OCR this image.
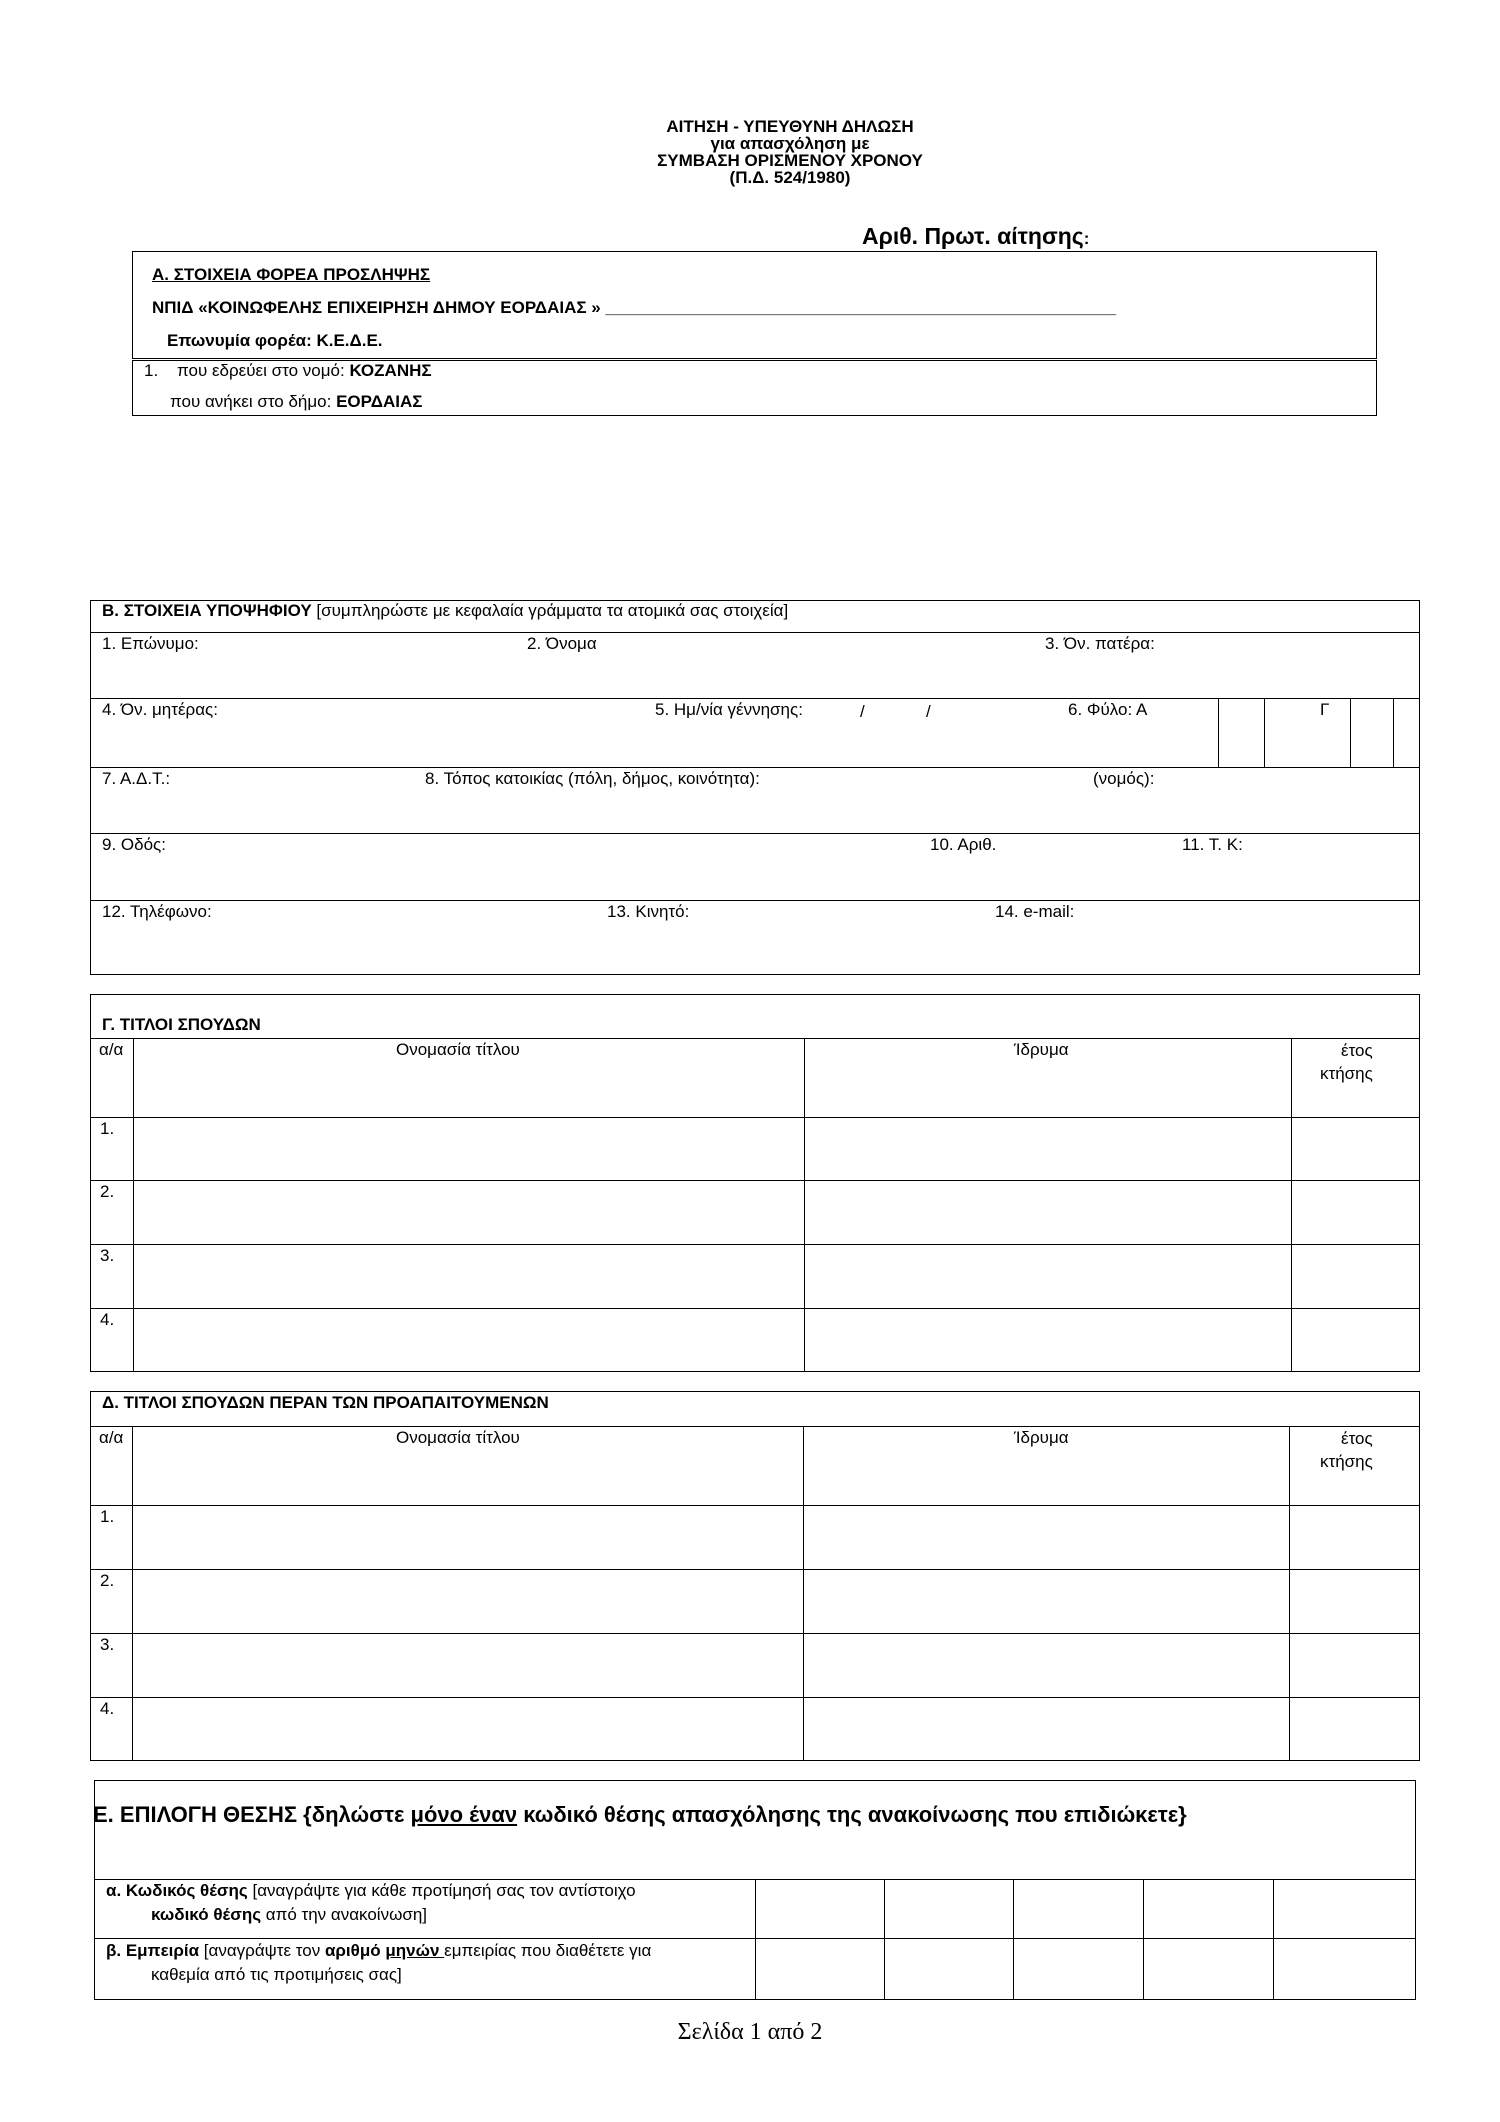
ΑΙΤΗΣΗ - ΥΠΕΥΘΥΝΗ ΔΗΛΩΣΗ
για απασχόληση με
ΣΥΜΒΑΣΗ ΟΡΙΣΜΕΝΟΥ ΧΡΟΝΟΥ
(Π.Δ. 524/1980)
Αριθ. Πρωτ. αίτησης:
Α. ΣΤΟΙΧΕΙΑ ΦΟΡΕΑ ΠΡΟΣΛΗΨΗΣ
ΝΠΙΔ «ΚΟΙΝΩΦΕΛΗΣ ΕΠΙΧΕΙΡΗΣΗ ΔΗΜΟΥ ΕΟΡΔΑΙΑΣ » ______________________________________________________
Επωνυμία φορέα: Κ.Ε.Δ.Ε.
1. που εδρεύει στο νομό: ΚΟΖΑΝΗΣ
που ανήκει στο δήμο: ΕΟΡΔΑΙΑΣ
Β. ΣΤΟΙΧΕΙΑ ΥΠΟΨΗΦΙΟΥ [συμπληρώστε με κεφαλαία γράμματα τα ατομικά σας στοιχεία]
1. Επώνυμο:	2. Όνομα	3. Όν. πατέρα:
4. Όν. μητέρας:	5. Ημ/νία γέννησης:	/	/	6. Φύλο: Α	Γ
7. Α.Δ.Τ.:	8. Τόπος κατοικίας (πόλη, δήμος, κοινότητα):	(νομός):
9. Οδός:	10. Αριθ.	11. Τ. Κ:
12. Τηλέφωνο:	13. Κινητό:	14. e-mail:
Γ. ΤΙΤΛΟΙ ΣΠΟΥΔΩΝ
α/α	Ονομασία τίτλου	Ίδρυμα	έτος
κτήσης
1.
2.
3.
4.
Δ. ΤΙΤΛΟΙ ΣΠΟΥΔΩΝ ΠΕΡΑΝ ΤΩΝ ΠΡΟΑΠΑΙΤΟΥΜΕΝΩΝ
α/α	Ονομασία τίτλου	Ίδρυμα	έτος
κτήσης
1.
2.
3.
4.
Ε. ΕΠΙΛΟΓΗ ΘΕΣΗΣ {δηλώστε μόνο έναν κωδικό θέσης απασχόλησης της ανακοίνωσης που επιδιώκετε}
α. Κωδικός θέσης [αναγράψτε για κάθε προτίμησή σας τον αντίστοιχο
κωδικό θέσης από την ανακοίνωση]
β. Εμπειρία [αναγράψτε τον αριθμό μηνών εμπειρίας που διαθέτετε για
καθεμία από τις προτιμήσεις σας]
Σελίδα 1 από 2
